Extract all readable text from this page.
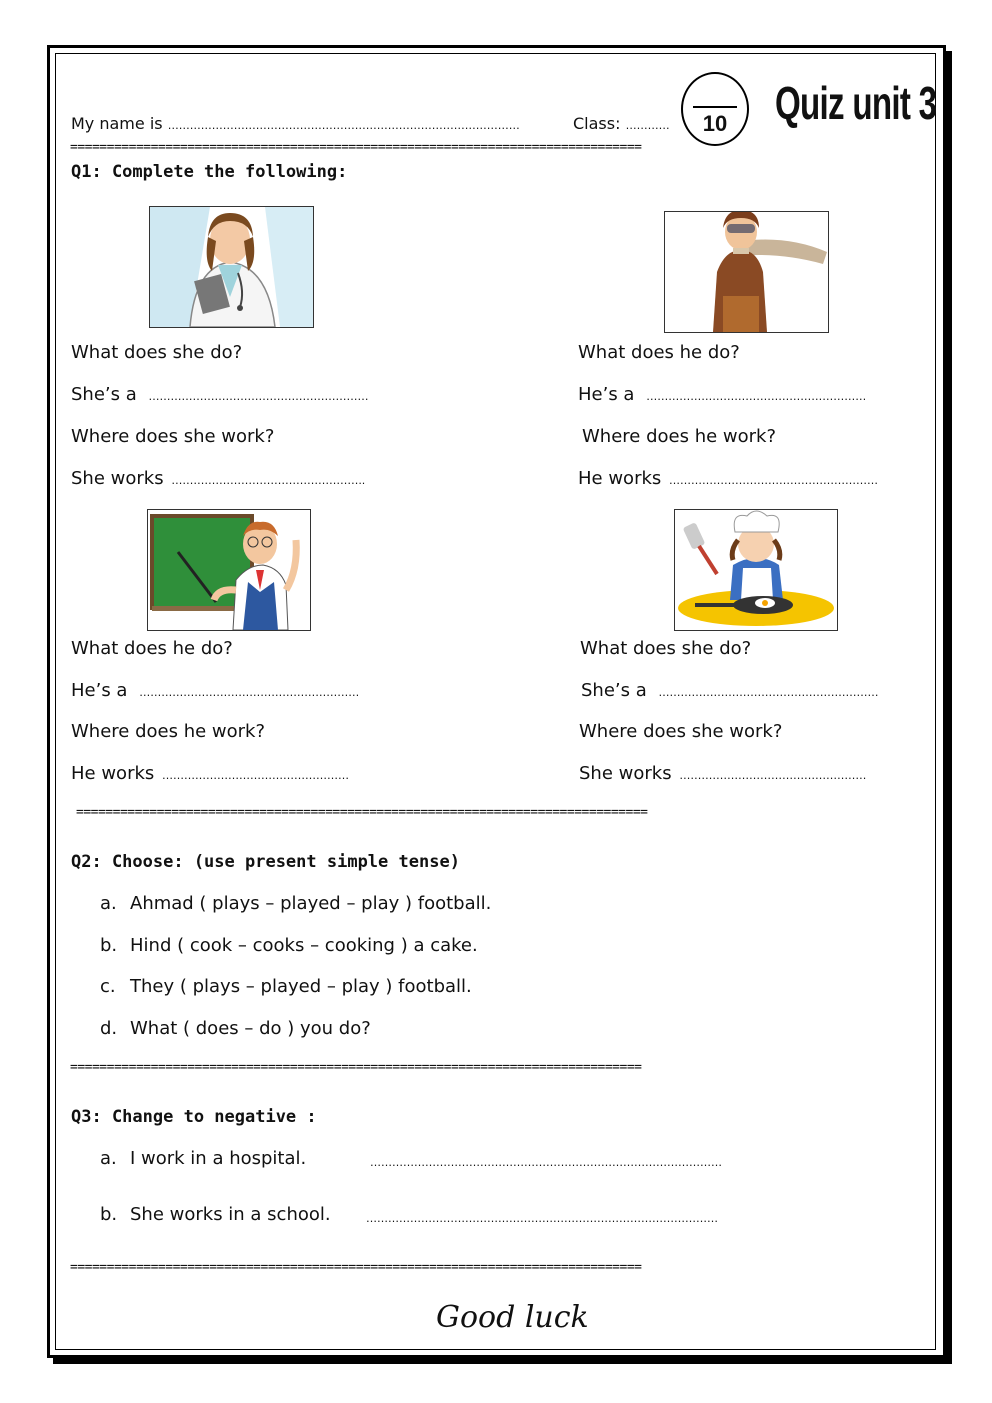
My name is ……………………………………………………………………………………	Class: …………	10	Quiz unit 3
==============================================================================
Q1: Complete the following:
What does she do?
She’s a ……………………………………………………
Where does she work?
She works ……………………………………………..
What does he do?
He’s a ……………………………………………………
Where does he work?
He works …………………………………………………
What does he do?
He’s a ……………………………………………………
Where does he work?
He works ……………………………………………
What does she do?
She’s a ……………………………………………………
Where does she work?
She works ……………………………………………
==============================================================================
Q2: Choose: (use present simple tense)
a. Ahmad ( plays – played – play ) football.
b. Hind ( cook – cooks – cooking ) a cake.
c. They ( plays – played – play ) football.
d. What ( does – do ) you do?
==============================================================================
Q3: Change to negative :
a. I work in a hospital.	……………………………………………………………………………………
b. She works in a school.	……………………………………………………………………………………
==============================================================================
Good luck
